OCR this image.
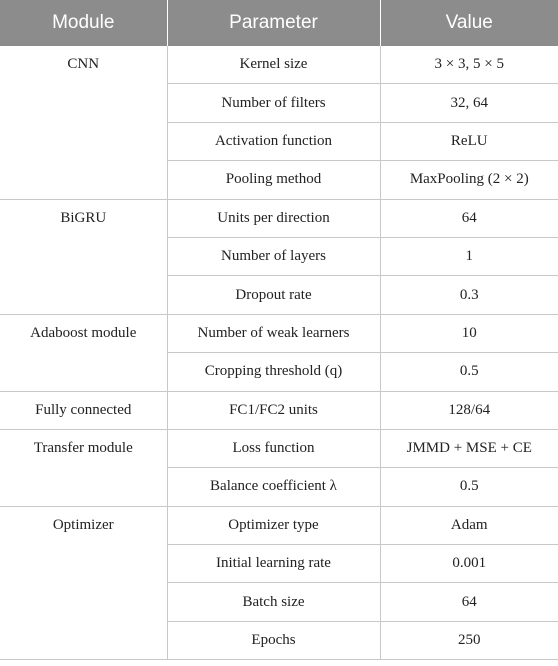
Module	Parameter	Value
CNN	Kernel size	3 × 3, 5 × 5
	Number of filters	32, 64
	Activation function	ReLU
	Pooling method	MaxPooling (2 × 2)
BiGRU	Units per direction	64
	Number of layers	1
	Dropout rate	0.3
Adaboost module	Number of weak learners	10
	Cropping threshold (q)	0.5
Fully connected	FC1/FC2 units	128/64
Transfer module	Loss function	JMMD + MSE + CE
	Balance coefficient λ	0.5
Optimizer	Optimizer type	Adam
	Initial learning rate	0.001
	Batch size	64
	Epochs	250
